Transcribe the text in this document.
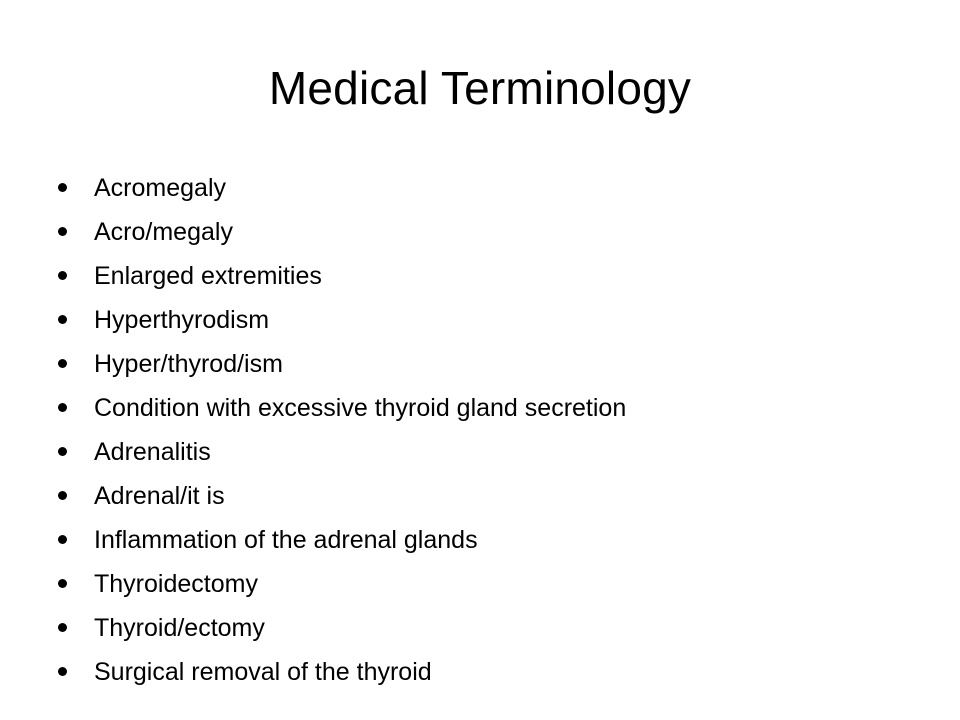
Medical Terminology
Acromegaly
Acro/megaly
Enlarged extremities
Hyperthyrodism
Hyper/thyrod/ism
Condition with excessive thyroid gland secretion
Adrenalitis
Adrenal/it is
Inflammation of the adrenal glands
Thyroidectomy
Thyroid/ectomy
Surgical removal of the thyroid
